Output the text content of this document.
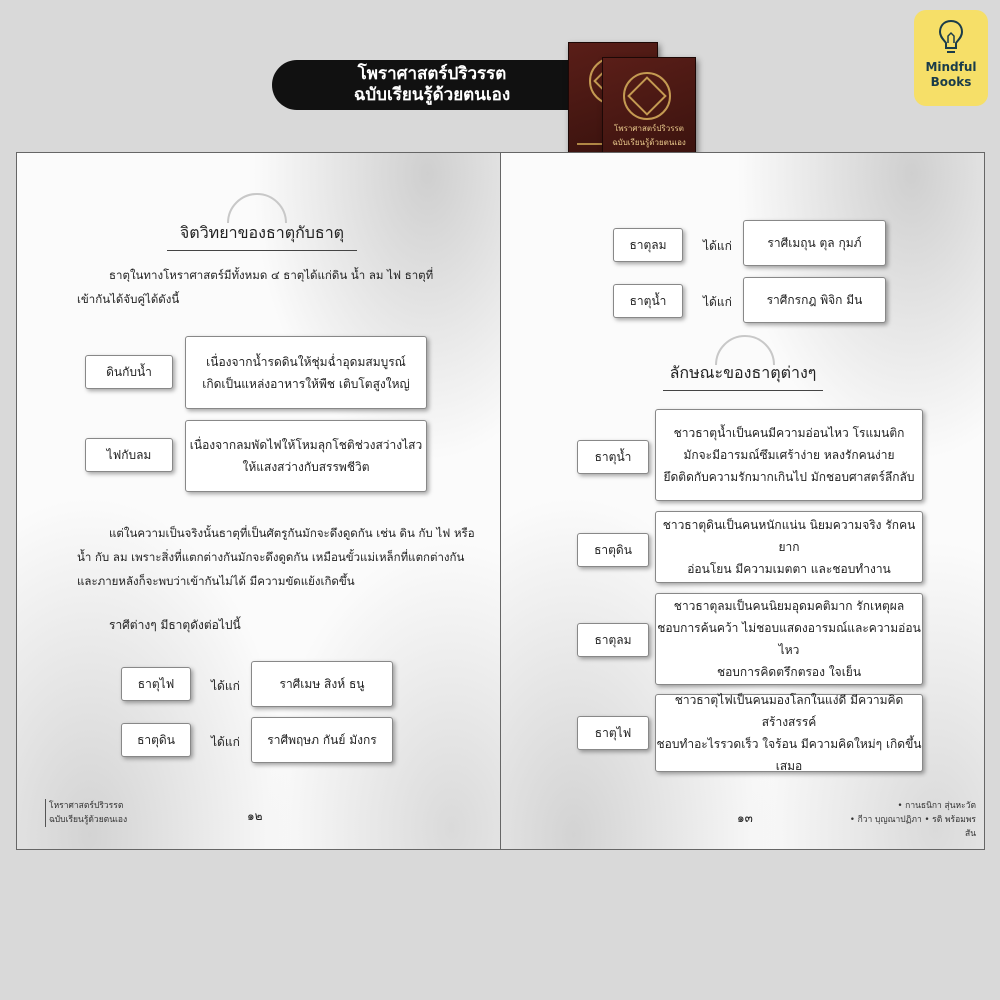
โพราศาสตร์ปริวรรต
ฉบับเรียนรู้ด้วยตนเอง
Mindful
Books
โพราศาสตร์ปริวรรต
ฉบับเรียนรู้ด้วยตนเอง
จิตวิทยาของธาตุกับธาตุ
ธาตุในทางโหราศาสตร์มีทั้งหมด ๔ ธาตุได้แก่ดิน น้ำ ลม ไฟ ธาตุที่
เข้ากันได้จับคู่ได้ดังนี้
ดินกับน้ำ
เนื่องจากน้ำรดดินให้ชุ่มฉ่ำอุดมสมบูรณ์
เกิดเป็นแหล่งอาหารให้พืช เติบโตสูงใหญ่
ไฟกับลม
เนื่องจากลมพัดไฟให้โหมลุกโชติช่วงสว่างไสว
ให้แสงสว่างกับสรรพชีวิต
แต่ในความเป็นจริงนั้นธาตุที่เป็นศัตรูกันมักจะดึงดูดกัน เช่น ดิน กับ ไฟ หรือ
น้ำ กับ ลม เพราะสิ่งที่แตกต่างกันมักจะดึงดูดกัน เหมือนขั้วแม่เหล็กที่แตกต่างกัน
และภายหลังก็จะพบว่าเข้ากันไม่ได้ มีความขัดแย้งเกิดขึ้น
ราศีต่างๆ มีธาตุดังต่อไปนี้
ธาตุไฟ	ได้แก่	ราศีเมษ สิงห์ ธนู
ธาตุดิน	ได้แก่	ราศีพฤษภ กันย์ มังกร
โหราศาสตร์ปริวรรต
ฉบับเรียนรู้ด้วยตนเอง	๑๒
ธาตุลม	ได้แก่	ราศีเมถุน ตุล กุมภ์
ธาตุน้ำ	ได้แก่	ราศีกรกฎ พิจิก มีน
ลักษณะของธาตุต่างๆ
ธาตุน้ำ
ชาวธาตุน้ำเป็นคนมีความอ่อนไหว โรแมนติก
มักจะมีอารมณ์ซึมเศร้าง่าย หลงรักคนง่าย
ยึดติดกับความรักมากเกินไป มักชอบศาสตร์ลึกลับ
ธาตุดิน
ชาวธาตุดินเป็นคนหนักแน่น นิยมความจริง รักคนยาก
อ่อนโยน มีความเมตตา และชอบทำงาน
ธาตุลม
ชาวธาตุลมเป็นคนนิยมอุดมคติมาก รักเหตุผล
ชอบการค้นคว้า ไม่ชอบแสดงอารมณ์และความอ่อนไหว
ชอบการคิดตรึกตรอง ใจเย็น
ธาตุไฟ
ชาวธาตุไฟเป็นคนมองโลกในแง่ดี มีความคิดสร้างสรรค์
ชอบทำอะไรรวดเร็ว ใจร้อน มีความคิดใหม่ๆ เกิดขึ้นเสมอ
๑๓
• กานธนิกา สุ่นหะวัต
• กีวา บุญณาปฏิภา • รติ พร้อมพรสัน
